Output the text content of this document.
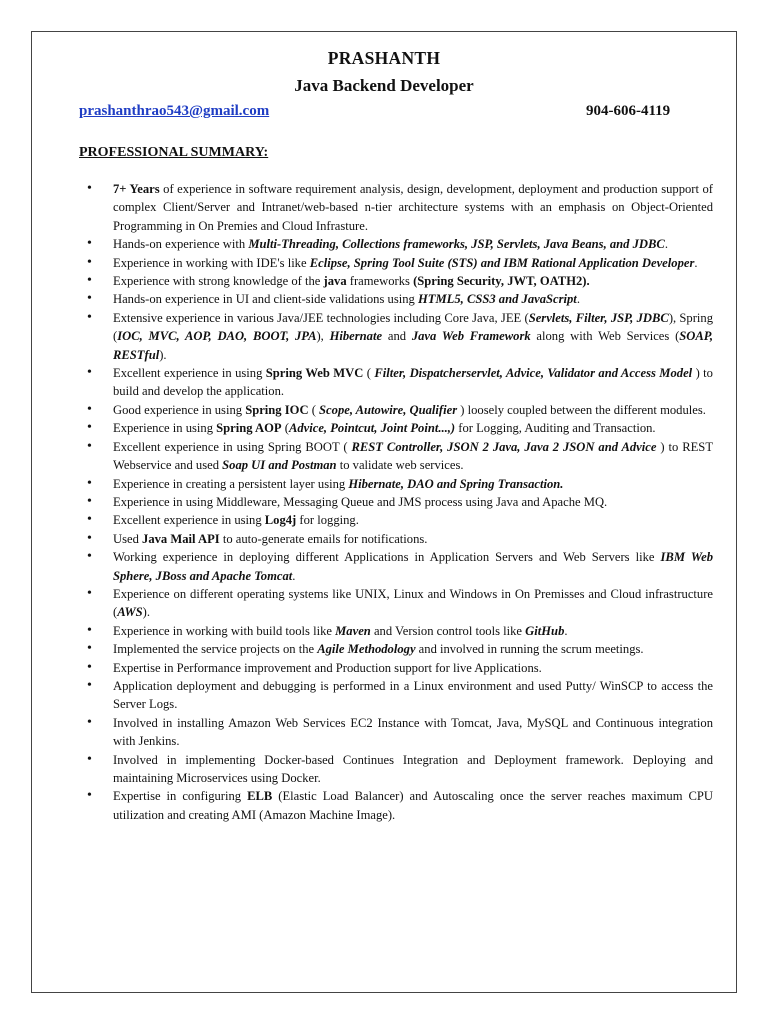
PRASHANTH
Java Backend Developer
prashanthrao543@gmail.com	904-606-4119
PROFESSIONAL SUMMARY:
• 7+ Years of experience in software requirement analysis, design, development, deployment and production support of complex Client/Server and Intranet/web-based n-tier architecture systems with an emphasis on Object-Oriented Programming in On Premies and Cloud Infrasture.
• Hands-on experience with Multi-Threading, Collections frameworks, JSP, Servlets, Java Beans, and JDBC.
• Experience in working with IDE's like Eclipse, Spring Tool Suite (STS) and IBM Rational Application Developer.
• Experience with strong knowledge of the java frameworks (Spring Security, JWT, OATH2).
• Hands-on experience in UI and client-side validations using HTML5, CSS3 and JavaScript.
• Extensive experience in various Java/JEE technologies including Core Java, JEE (Servlets, Filter, JSP, JDBC), Spring (IOC, MVC, AOP, DAO, BOOT, JPA), Hibernate and Java Web Framework along with Web Services (SOAP, RESTful).
• Excellent experience in using Spring Web MVC ( Filter, Dispatcherservlet, Advice, Validator and Access Model ) to build and develop the application.
• Good experience in using Spring IOC ( Scope, Autowire, Qualifier ) loosely coupled between the different modules.
• Experience in using Spring AOP (Advice, Pointcut, Joint Point...,) for Logging, Auditing and Transaction.
• Excellent experience in using Spring BOOT ( REST Controller, JSON 2 Java, Java 2 JSON and Advice ) to REST Webservice and used Soap UI and Postman to validate web services.
• Experience in creating a persistent layer using Hibernate, DAO and Spring Transaction.
• Experience in using Middleware, Messaging Queue and JMS process using Java and Apache MQ.
• Excellent experience in using Log4j for logging.
• Used Java Mail API to auto-generate emails for notifications.
• Working experience in deploying different Applications in Application Servers and Web Servers like IBM Web Sphere, JBoss and Apache Tomcat.
• Experience on different operating systems like UNIX, Linux and Windows in On Premisses and Cloud infrastructure (AWS).
• Experience in working with build tools like Maven and Version control tools like GitHub.
• Implemented the service projects on the Agile Methodology and involved in running the scrum meetings.
• Expertise in Performance improvement and Production support for live Applications.
• Application deployment and debugging is performed in a Linux environment and used Putty/ WinSCP to access the Server Logs.
• Involved in installing Amazon Web Services EC2 Instance with Tomcat, Java, MySQL and Continuous integration with Jenkins.
• Involved in implementing Docker-based Continues Integration and Deployment framework. Deploying and maintaining Microservices using Docker.
• Expertise in configuring ELB (Elastic Load Balancer) and Autoscaling once the server reaches maximum CPU utilization and creating AMI (Amazon Machine Image).
